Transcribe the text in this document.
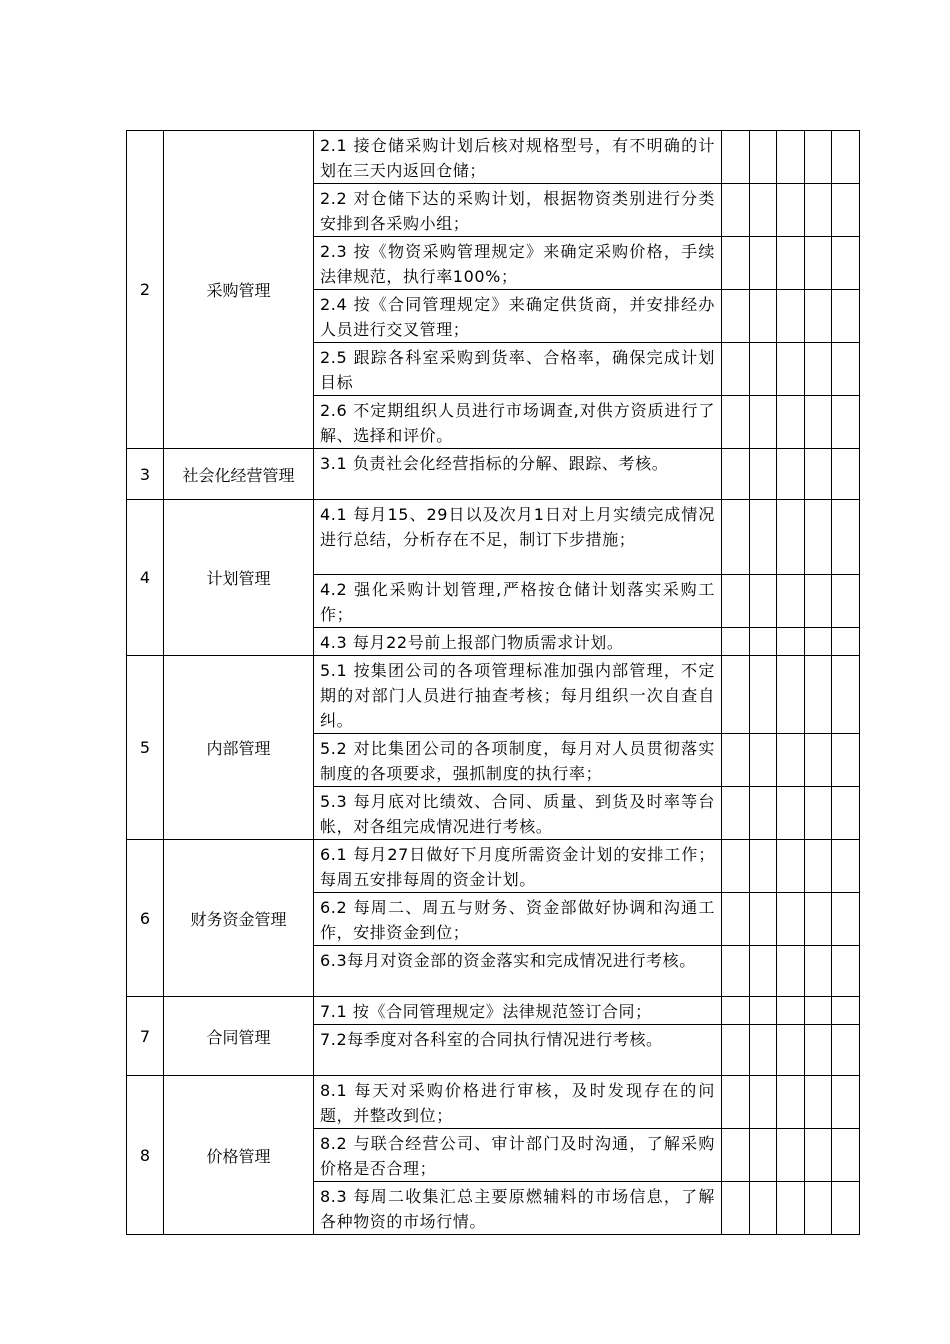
2	采购管理	2.1 接仓储采购计划后核对规格型号，有不明确的计划在三天内返回仓储；					
		2.2 对仓储下达的采购计划，根据物资类别进行分类安排到各采购小组；					
		2.3 按《物资采购管理规定》来确定采购价格，手续法律规范，执行率100%；					
		2.4 按《合同管理规定》来确定供货商，并安排经办人员进行交叉管理；					
		2.5 跟踪各科室采购到货率、合格率，确保完成计划目标					
		2.6 不定期组织人员进行市场调查,对供方资质进行了解、选择和评价。					
3	社会化经营管理	3.1 负责社会化经营指标的分解、跟踪、考核。					
4	计划管理	4.1 每月15、29日以及次月1日对上月实绩完成情况进行总结，分析存在不足，制订下步措施；					
		4.2 强化采购计划管理,严格按仓储计划落实采购工作；					
		4.3 每月22号前上报部门物质需求计划。					
5	内部管理	5.1 按集团公司的各项管理标准加强内部管理，不定期的对部门人员进行抽查考核；每月组织一次自查自纠。					
		5.2 对比集团公司的各项制度，每月对人员贯彻落实制度的各项要求，强抓制度的执行率；					
		5.3 每月底对比绩效、合同、质量、到货及时率等台帐，对各组完成情况进行考核。					
6	财务资金管理	6.1 每月27日做好下月度所需资金计划的安排工作；每周五安排每周的资金计划。					
		6.2 每周二、周五与财务、资金部做好协调和沟通工作，安排资金到位；					
		6.3每月对资金部的资金落实和完成情况进行考核。					
7	合同管理	7.1 按《合同管理规定》法律规范签订合同；					
		7.2每季度对各科室的合同执行情况进行考核。					
8	价格管理	8.1 每天对采购价格进行审核，及时发现存在的问题，并整改到位；					
		8.2 与联合经营公司、审计部门及时沟通，了解采购价格是否合理；					
		8.3 每周二收集汇总主要原燃辅料的市场信息，了解各种物资的市场行情。					
